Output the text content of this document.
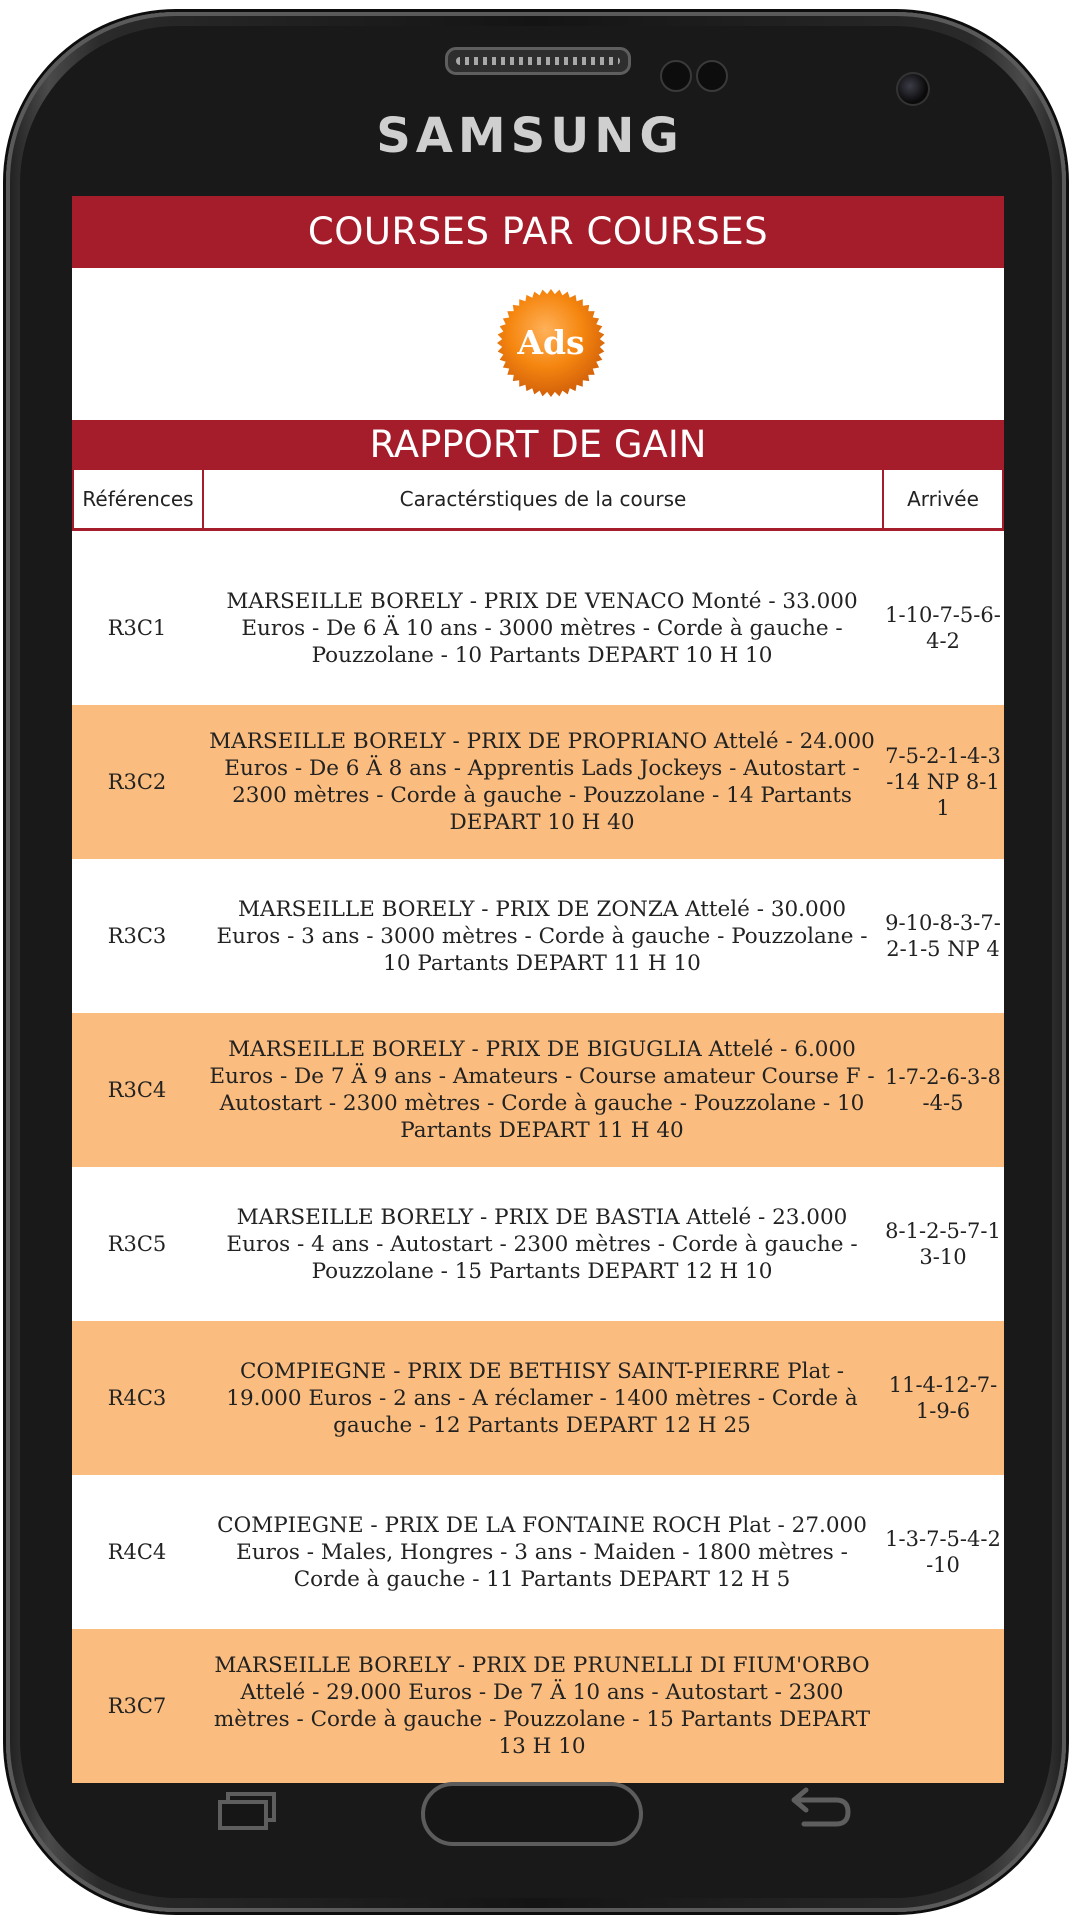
SAMSUNG
COURSES PAR COURSES
Ads
RAPPORT DE GAIN
Références	Caractérstiques de la course	Arrivée
R3C1
MARSEILLE BORELY - PRIX DE VENACO Monté - 33.000 Euros - De 6 Ä 10 ans - 3000 mètres - Corde à gauche - Pouzzolane - 10 Partants DEPART 10 H 10
1-10-7-5-6-4-2
R3C2
MARSEILLE BORELY - PRIX DE PROPRIANO Attelé - 24.000 Euros - De 6 Ä 8 ans - Apprentis Lads Jockeys - Autostart - 2300 mètres - Corde à gauche - Pouzzolane - 14 Partants DEPART 10 H 40
7-5-2-1-4-3-14 NP 8-11
R3C3
MARSEILLE BORELY - PRIX DE ZONZA Attelé - 30.000 Euros - 3 ans - 3000 mètres - Corde à gauche - Pouzzolane - 10 Partants DEPART 11 H 10
9-10-8-3-7-2-1-5 NP 4
R3C4
MARSEILLE BORELY - PRIX DE BIGUGLIA Attelé - 6.000 Euros - De 7 Ä 9 ans - Amateurs - Course amateur Course F - Autostart - 2300 mètres - Corde à gauche - Pouzzolane - 10 Partants DEPART 11 H 40
1-7-2-6-3-8-4-5
R3C5
MARSEILLE BORELY - PRIX DE BASTIA Attelé - 23.000 Euros - 4 ans - Autostart - 2300 mètres - Corde à gauche - Pouzzolane - 15 Partants DEPART 12 H 10
8-1-2-5-7-13-10
R4C3
COMPIEGNE - PRIX DE BETHISY SAINT-PIERRE Plat - 19.000 Euros - 2 ans - A réclamer - 1400 mètres - Corde à gauche - 12 Partants DEPART 12 H 25
11-4-12-7-1-9-6
R4C4
COMPIEGNE - PRIX DE LA FONTAINE ROCH Plat - 27.000 Euros - Males, Hongres - 3 ans - Maiden - 1800 mètres - Corde à gauche - 11 Partants DEPART 12 H 5
1-3-7-5-4-2-10
R3C7
MARSEILLE BORELY - PRIX DE PRUNELLI DI FIUM'ORBO Attelé - 29.000 Euros - De 7 Ä 10 ans - Autostart - 2300 mètres - Corde à gauche - Pouzzolane - 15 Partants DEPART 13 H 10
